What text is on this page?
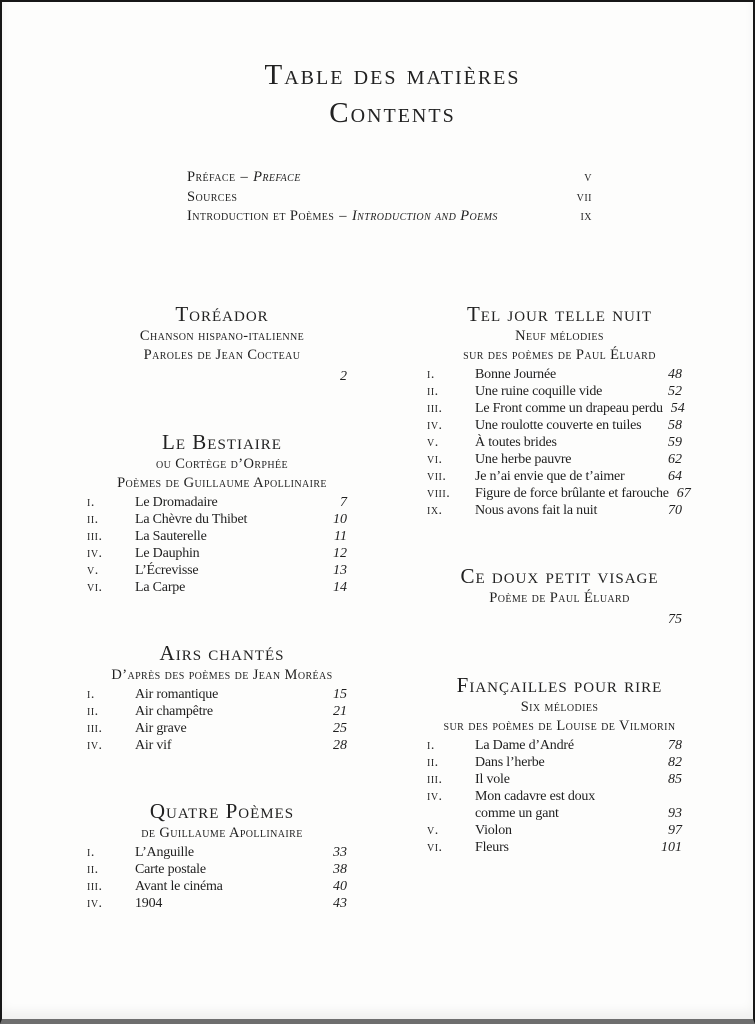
Table des matières
Contents
Préface – Preface	v
Sources	vii
Introduction et Poèmes – Introduction and Poems	ix
Toréador
Chanson hispano-italienne
Paroles de Jean Cocteau
2
Le Bestiaire
ou Cortège d’Orphée
Poèmes de Guillaume Apollinaire
i.	Le Dromadaire	7
ii.	La Chèvre du Thibet	10
iii.	La Sauterelle	11
iv.	Le Dauphin	12
v.	L’Écrevisse	13
vi.	La Carpe	14
Airs chantés
D’après des poèmes de Jean Moréas
i.	Air romantique	15
ii.	Air champêtre	21
iii.	Air grave	25
iv.	Air vif	28
Quatre Poèmes
de Guillaume Apollinaire
i.	L’Anguille	33
ii.	Carte postale	38
iii.	Avant le cinéma	40
iv.	1904	43
Tel jour telle nuit
Neuf mélodies
sur des poèmes de Paul Éluard
i.	Bonne Journée	48
ii.	Une ruine coquille vide	52
iii.	Le Front comme un drapeau perdu 54
iv.	Une roulotte couverte en tuiles	58
v.	À toutes brides	59
vi.	Une herbe pauvre	62
vii.	Je n’ai envie que de t’aimer	64
viii.	Figure de force brûlante et farouche 67
ix.	Nous avons fait la nuit	70
Ce doux petit visage
Poème de Paul Éluard
75
Fiançailles pour rire
Six mélodies
sur des poèmes de Louise de Vilmorin
i.	La Dame d’André	78
ii.	Dans l’herbe	82
iii.	Il vole	85
iv.	Mon cadavre est doux
comme un gant	93
v.	Violon	97
vi.	Fleurs	101
